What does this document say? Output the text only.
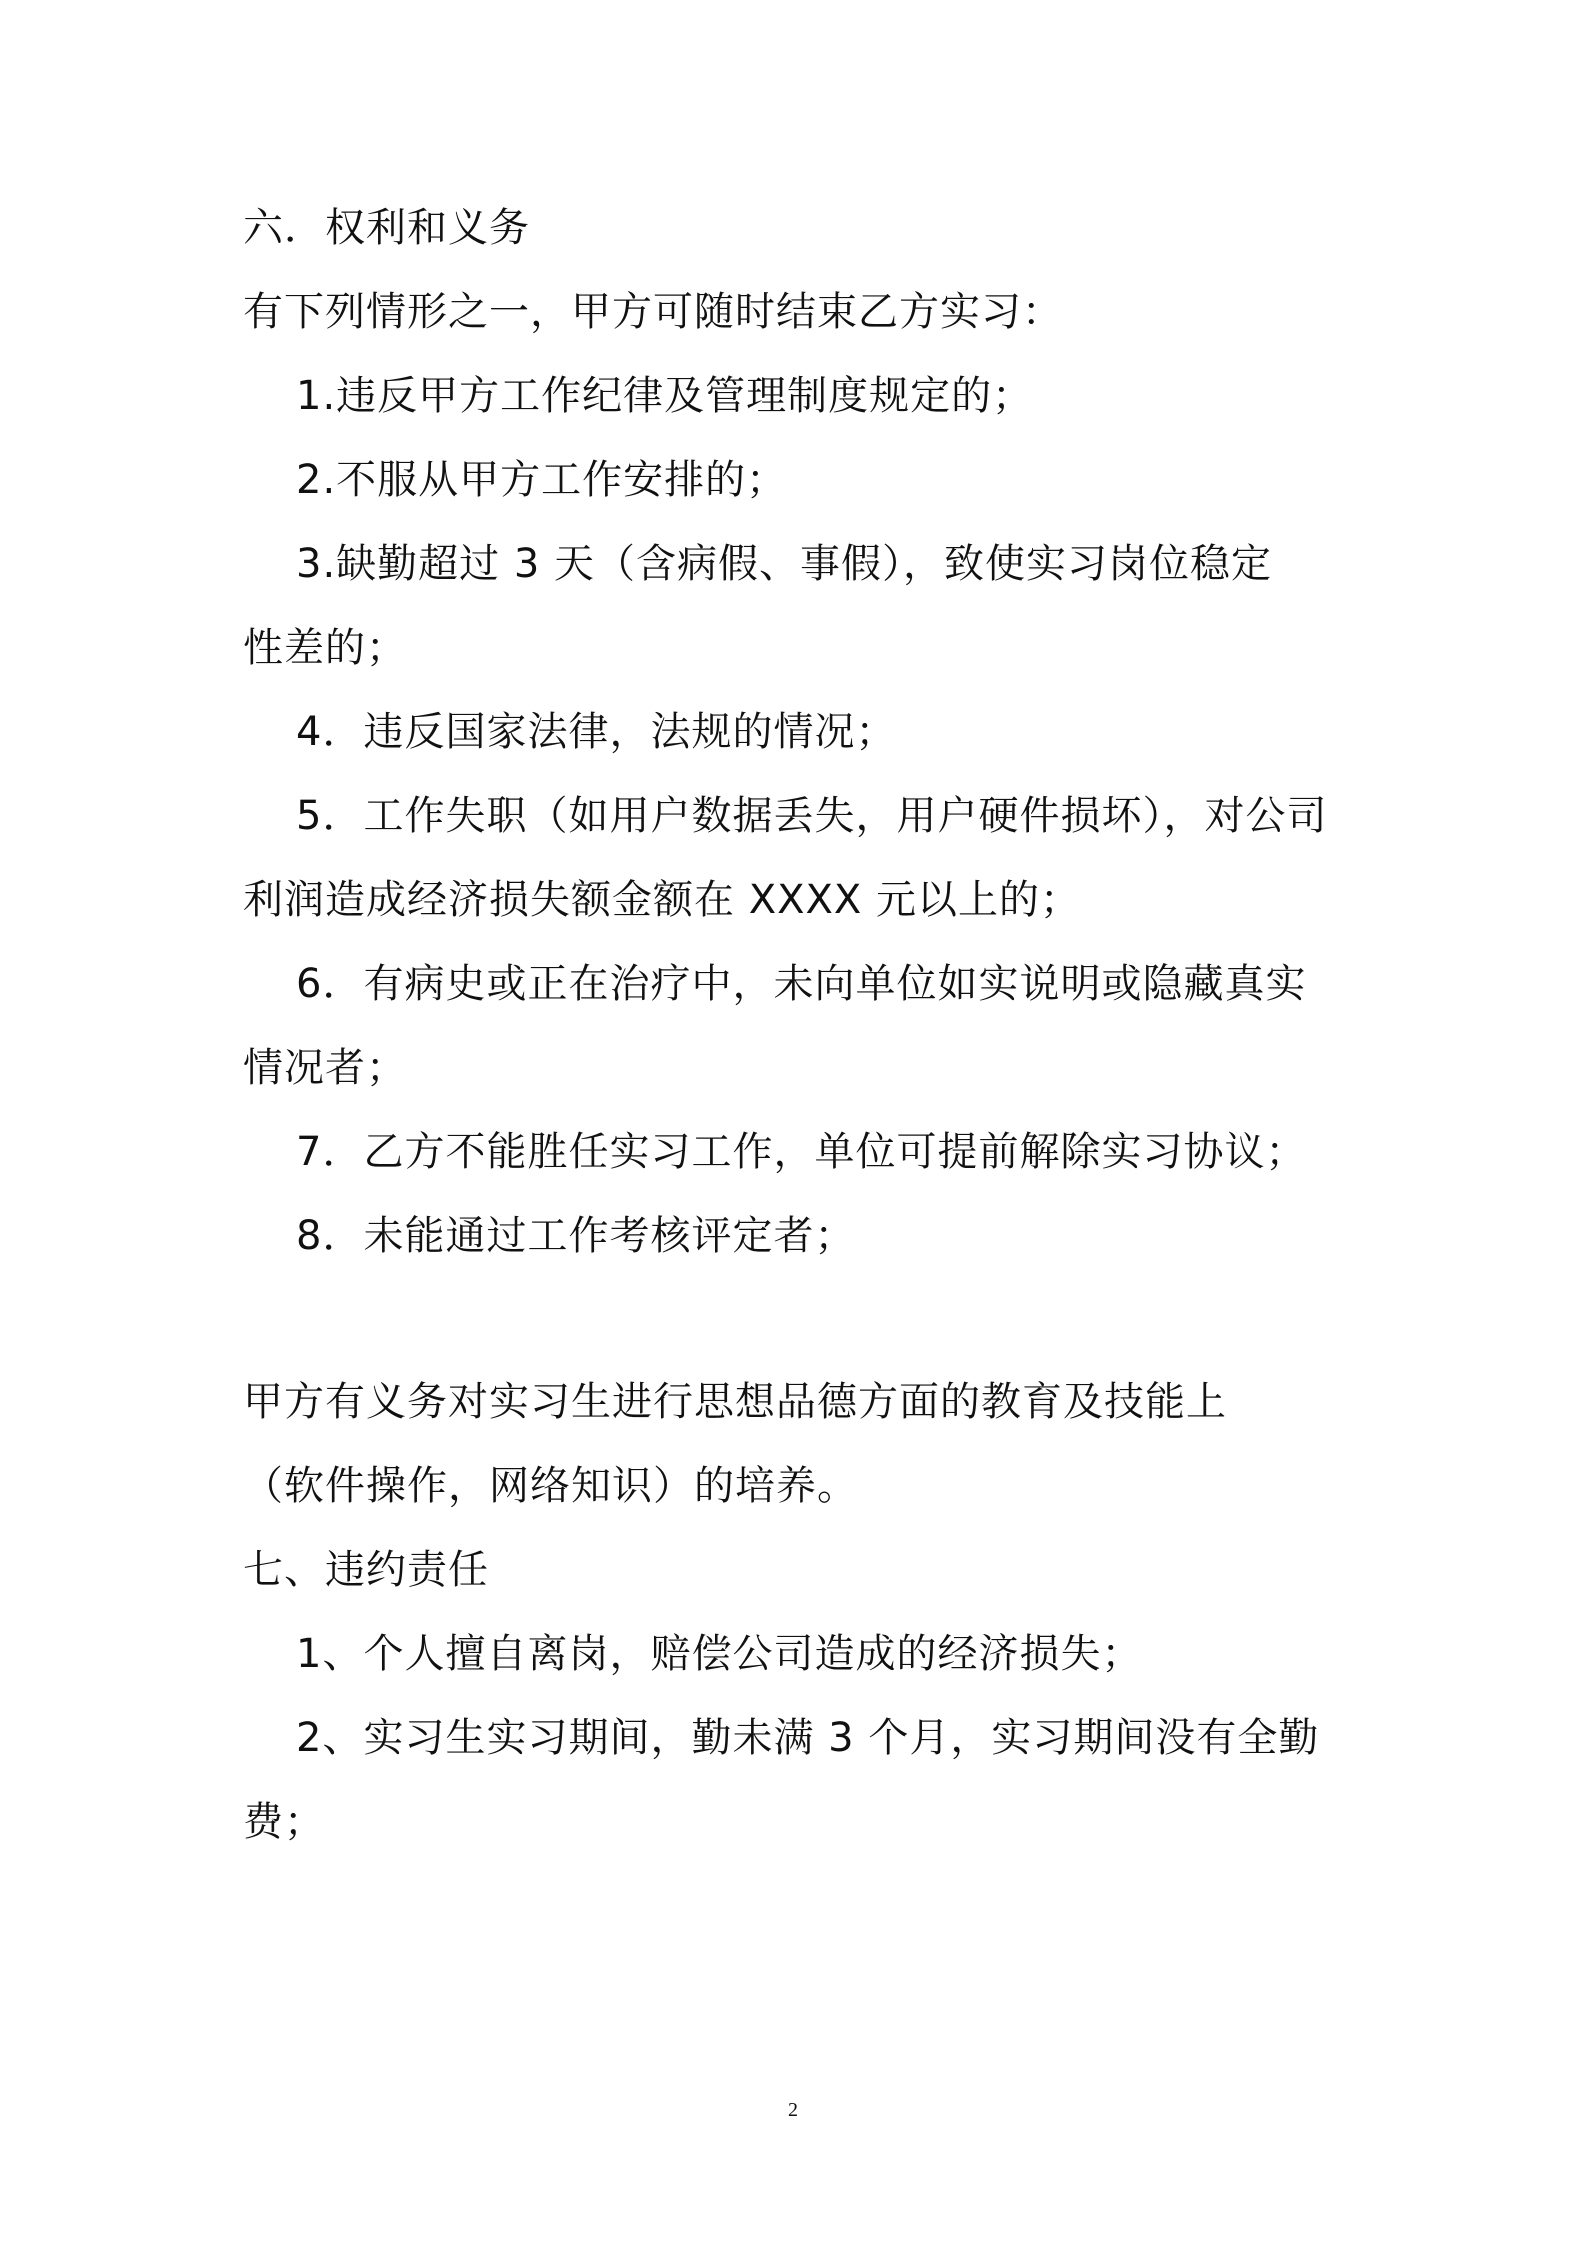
六．权利和义务
有下列情形之一，甲方可随时结束乙方实习：
1.违反甲方工作纪律及管理制度规定的；
2.不服从甲方工作安排的；
3.缺勤超过 3 天（含病假、事假），致使实习岗位稳定
性差的；
4．违反国家法律，法规的情况；
5．工作失职（如用户数据丢失，用户硬件损坏），对公司
利润造成经济损失额金额在 XXXX 元以上的；
6．有病史或正在治疗中，未向单位如实说明或隐藏真实
情况者；
7．乙方不能胜任实习工作，单位可提前解除实习协议；
8．未能通过工作考核评定者；
甲方有义务对实习生进行思想品德方面的教育及技能上
（软件操作，网络知识）的培养。
七、违约责任
1、个人擅自离岗，赔偿公司造成的经济损失；
2、实习生实习期间，勤未满 3 个月，实习期间没有全勤
费；
2
